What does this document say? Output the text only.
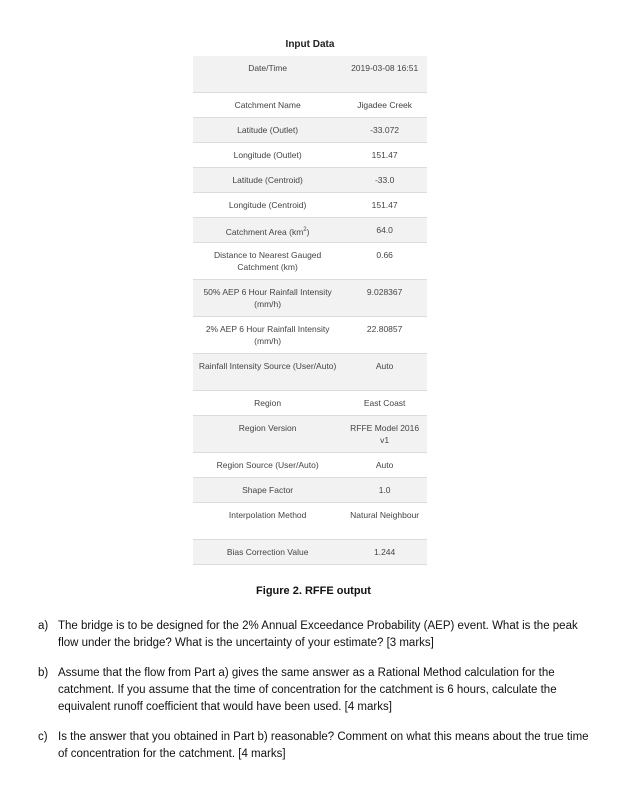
Input Data
Date/Time	2019-03-08 16:51
Catchment Name	Jigadee Creek
Latitude (Outlet)	-33.072
Longitude (Outlet)	151.47
Latitude (Centroid)	-33.0
Longitude (Centroid)	151.47
Catchment Area $(km^2)$	64.0
Distance to Nearest Gauged Catchment (km)	0.66
50% AEP 6 Hour Rainfall Intensity (mm/h)	9.028367
2% AEP 6 Hour Rainfall Intensity (mm/h)	22.80857
Rainfall Intensity Source (User/Auto)	Auto
Region	East Coast
Region Version	RFFE Model 2016 v1
Region Source (User/Auto)	Auto
Shape Factor	1.0
Interpolation Method	Natural Neighbour
Bias Correction Value	1.244
Figure 2. RFFE output
a) The bridge is to be designed for the 2% Annual Exceedance Probability (AEP) event. What is the peak flow under the bridge? What is the uncertainty of your estimate? [3 marks]
b) Assume that the flow from Part a) gives the same answer as a Rational Method calculation for the catchment. If you assume that the time of concentration for the catchment is 6 hours, calculate the equivalent runoff coefficient that would have been used. [4 marks]
c) Is the answer that you obtained in Part b) reasonable? Comment on what this means about the true time of concentration for the catchment. [4 marks]
